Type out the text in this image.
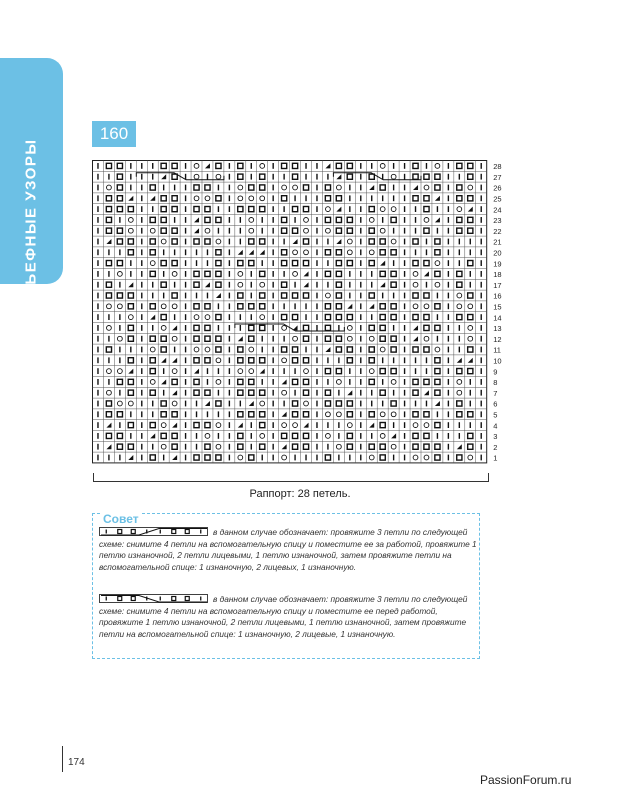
РЕЛЬЕФНЫЕ УЗОРЫ
160
28
27
26
25
24
23
22
21
20
19
18
17
16
15
14
13
12
11
10
9
8
7
6
5
4
3
2
1
Раппорт: 28 петель.
Совет
в данном случае обозначает: провяжите 3 петли по следующей схеме: снимите 4 петли на вспомогательную спицу и поместите ее за работой, провяжите 1 петлю изнаночной, 2 петли лицевыми, 1 петлю изнаночной, затем провяжите петли на вспомогательной спице: 1 изнаночную, 2 лицевых, 1 изнаночную.
в данном случае обозначает: провяжите 3 петли по следующей схеме: снимите 4 петли на вспомогательную спицу и поместите ее перед работой, провяжите 1 петлю изнаночной, 2 петли лицевыми, 1 петлю изнаночной, затем провяжите петли на вспомогательной спице: 1 изнаночную, 2 лицевые, 1 изнаночную.
174
PassionForum.ru
